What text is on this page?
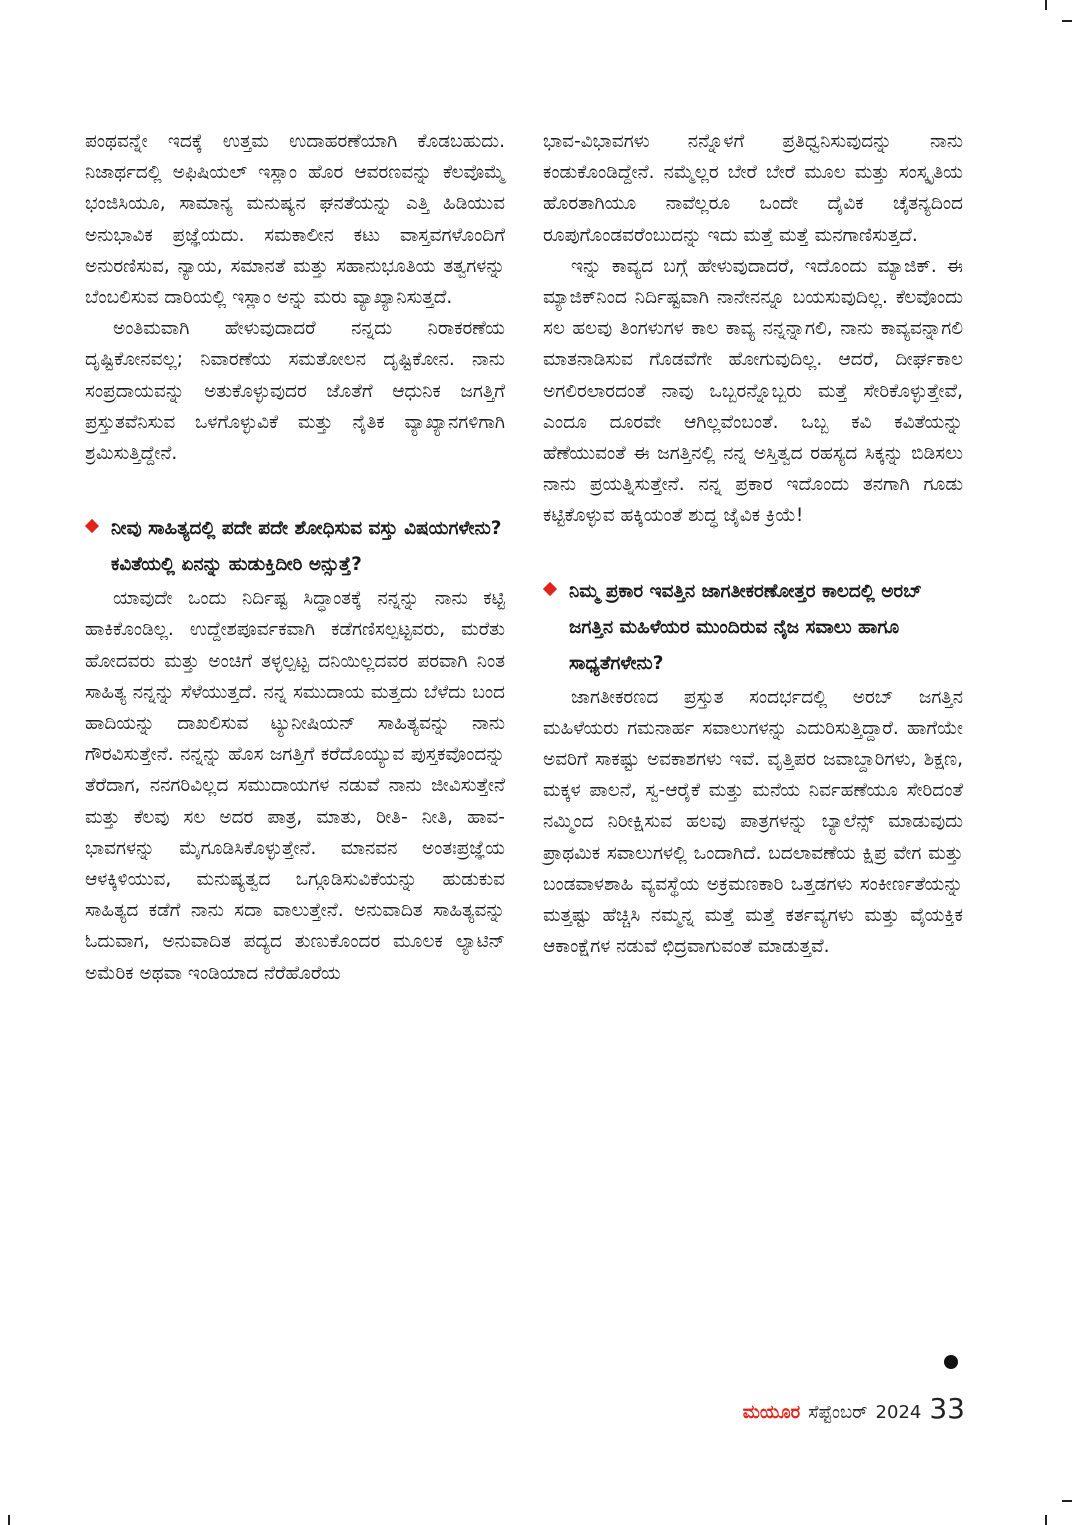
ಪಂಥವನ್ನೇ ಇದಕ್ಕೆ ಉತ್ತಮ ಉದಾಹರಣೆಯಾಗಿ ಕೊಡಬಹುದು. ನಿಜಾರ್ಥದಲ್ಲಿ ಅಫಿಷಿಯಲ್ ಇಸ್ಲಾಂ ಹೊರ ಆವರಣವನ್ನು ಕೆಲವೊಮ್ಮೆ ಭಂಜಿಸಿಯೂ, ಸಾಮಾನ್ಯ ಮನುಷ್ಯನ ಘನತೆಯನ್ನು ಎತ್ತಿ ಹಿಡಿಯುವ ಅನುಭಾವಿಕ ಪ್ರಜ್ಞೆಯದು. ಸಮಕಾಲೀನ ಕಟು ವಾಸ್ತವಗಳೊಂದಿಗೆ ಅನುರಣಿಸುವ, ನ್ಯಾಯ, ಸಮಾನತೆ ಮತ್ತು ಸಹಾನುಭೂತಿಯ ತತ್ವಗಳನ್ನು ಬೆಂಬಲಿಸುವ ದಾರಿಯಲ್ಲಿ ಇಸ್ಲಾಂ ಅನ್ನು ಮರು ವ್ಯಾಖ್ಯಾನಿಸುತ್ತದೆ.

ಅಂತಿಮವಾಗಿ ಹೇಳುವುದಾದರೆ ನನ್ನದು ನಿರಾಕರಣೆಯ ದೃಷ್ಟಿಕೋನವಲ್ಲ; ನಿವಾರಣೆಯ ಸಮತೋಲನ ದೃಷ್ಟಿಕೋನ. ನಾನು ಸಂಪ್ರದಾಯವನ್ನು ಅತುಕೊಳ್ಳುವುದರ ಜೊತೆಗೆ ಆಧುನಿಕ ಜಗತ್ತಿಗೆ ಪ್ರಸ್ತುತವೆನಿಸುವ ಒಳಗೊಳ್ಳುವಿಕೆ ಮತ್ತು ನೈತಿಕ ವ್ಯಾಖ್ಯಾನಗಳಿಗಾಗಿ ಶ್ರಮಿಸುತ್ತಿದ್ದೇನೆ.

ನೀವು ಸಾಹಿತ್ಯದಲ್ಲಿ ಪದೇ ಪದೇ ಶೋಧಿಸುವ ವಸ್ತು ವಿಷಯಗಳೇನು? ಕವಿತೆಯಲ್ಲಿ ಏನನ್ನು ಹುಡುಕ್ತಿದೀರಿ ಅನ್ಸುತ್ತೆ?

ಯಾವುದೇ ಒಂದು ನಿರ್ದಿಷ್ಟ ಸಿದ್ಧಾಂತಕ್ಕೆ ನನ್ನನ್ನು ನಾನು ಕಟ್ಟಿ ಹಾಕಿಕೊಂಡಿಲ್ಲ. ಉದ್ದೇಶಪೂರ್ವಕವಾಗಿ ಕಡೆಗಣಿಸಲ್ಪಟ್ಟವರು, ಮರೆತು ಹೋದವರು ಮತ್ತು ಅಂಚಿಗೆ ತಳ್ಳಲ್ಪಟ್ಟ ದನಿಯಿಲ್ಲದವರ ಪರವಾಗಿ ನಿಂತ ಸಾಹಿತ್ಯ ನನ್ನನ್ನು ಸೆಳೆಯುತ್ತದೆ. ನನ್ನ ಸಮುದಾಯ ಮತ್ತದು ಬೆಳೆದು ಬಂದ ಹಾದಿಯನ್ನು ದಾಖಲಿಸುವ ಟ್ಯುನೀಷಿಯನ್ ಸಾಹಿತ್ಯವನ್ನು ನಾನು ಗೌರವಿಸುತ್ತೇನೆ. ನನ್ನನ್ನು ಹೊಸ ಜಗತ್ತಿಗೆ ಕರೆದೊಯ್ಯುವ ಪುಸ್ತಕವೊಂದನ್ನು ತೆರೆದಾಗ, ನನಗರಿವಿಲ್ಲದ ಸಮುದಾಯಗಳ ನಡುವೆ ನಾನು ಜೀವಿಸುತ್ತೇನೆ ಮತ್ತು ಕೆಲವು ಸಲ ಅದರ ಪಾತ್ರ, ಮಾತು, ರೀತಿ- ನೀತಿ, ಹಾವ-ಭಾವಗಳನ್ನು ಮೈಗೂಡಿಸಿಕೊಳ್ಳುತ್ತೇನೆ. ಮಾನವನ ಅಂತಃಪ್ರಜ್ಞೆಯ ಆಳಕ್ಕಿಳಿಯುವ, ಮನುಷ್ಯತ್ವದ ಒಗ್ಗೂಡಿಸುವಿಕೆಯನ್ನು ಹುಡುಕುವ ಸಾಹಿತ್ಯದ ಕಡೆಗೆ ನಾನು ಸದಾ ವಾಲುತ್ತೇನೆ. ಅನುವಾದಿತ ಸಾಹಿತ್ಯವನ್ನು ಓದುವಾಗ, ಅನುವಾದಿತ ಪದ್ಯದ ತುಣುಕೊಂದರ ಮೂಲಕ ಲ್ಯಾಟಿನ್ ಅಮೆರಿಕ ಅಥವಾ ಇಂಡಿಯಾದ ನೆರೆಹೊರೆಯ

ಭಾವ-ವಿಭಾವಗಳು ನನ್ನೊಳಗೆ ಪ್ರತಿಧ್ವನಿಸುವುದನ್ನು ನಾನು ಕಂಡುಕೊಂಡಿದ್ದೇನೆ. ನಮ್ಮೆಲ್ಲರ ಬೇರೆ ಬೇರೆ ಮೂಲ ಮತ್ತು ಸಂಸ್ಕೃತಿಯ ಹೊರತಾಗಿಯೂ ನಾವೆಲ್ಲರೂ ಒಂದೇ ದೈವಿಕ ಚೈತನ್ಯದಿಂದ ರೂಪುಗೊಂಡವರೆಂಬುದನ್ನು ಇದು ಮತ್ತೆ ಮತ್ತೆ ಮನಗಾಣಿಸುತ್ತದೆ.

ಇನ್ನು ಕಾವ್ಯದ ಬಗ್ಗೆ ಹೇಳುವುದಾದರೆ, ಇದೊಂದು ಮ್ಯಾಜಿಕ್. ಈ ಮ್ಯಾಜಿಕ್‌ನಿಂದ ನಿರ್ದಿಷ್ಟವಾಗಿ ನಾನೇನನ್ನೂ ಬಯಸುವುದಿಲ್ಲ. ಕೆಲವೊಂದು ಸಲ ಹಲವು ತಿಂಗಳುಗಳ ಕಾಲ ಕಾವ್ಯ ನನ್ನನ್ನಾಗಲಿ, ನಾನು ಕಾವ್ಯವನ್ನಾಗಲಿ ಮಾತನಾಡಿಸುವ ಗೊಡವೆಗೇ ಹೋಗುವುದಿಲ್ಲ. ಆದರೆ, ದೀರ್ಘಕಾಲ ಅಗಲಿರಲಾರದಂತೆ ನಾವು ಒಬ್ಬರನ್ನೊಬ್ಬರು ಮತ್ತೆ ಸೇರಿಕೊಳ್ಳುತ್ತೇವೆ, ಎಂದೂ ದೂರವೇ ಆಗಿಲ್ಲವೆಂಬಂತೆ. ಒಬ್ಬ ಕವಿ ಕವಿತೆಯನ್ನು ಹೆಣೆಯುವಂತೆ ಈ ಜಗತ್ತಿನಲ್ಲಿ ನನ್ನ ಅಸ್ತಿತ್ವದ ರಹಸ್ಯದ ಸಿಕ್ಕನ್ನು ಬಿಡಿಸಲು ನಾನು ಪ್ರಯತ್ನಿಸುತ್ತೇನೆ. ನನ್ನ ಪ್ರಕಾರ ಇದೊಂದು ತನಗಾಗಿ ಗೂಡು ಕಟ್ಟಿಕೊಳ್ಳುವ ಹಕ್ಕಿಯಂತೆ ಶುದ್ಧ ಜೈವಿಕ ಕ್ರಿಯೆ!

ನಿಮ್ಮ ಪ್ರಕಾರ ಇವತ್ತಿನ ಜಾಗತೀಕರಣೋತ್ತರ ಕಾಲದಲ್ಲಿ ಅರಬ್ ಜಗತ್ತಿನ ಮಹಿಳೆಯರ ಮುಂದಿರುವ ನೈಜ ಸವಾಲು ಹಾಗೂ ಸಾಧ್ಯತೆಗಳೇನು?

ಜಾಗತೀಕರಣದ ಪ್ರಸ್ತುತ ಸಂದರ್ಭದಲ್ಲಿ ಅರಬ್ ಜಗತ್ತಿನ ಮಹಿಳೆಯರು ಗಮನಾರ್ಹ ಸವಾಲುಗಳನ್ನು ಎದುರಿಸುತ್ತಿದ್ದಾರೆ. ಹಾಗೆಯೇ ಅವರಿಗೆ ಸಾಕಷ್ಟು ಅವಕಾಶಗಳು ಇವೆ. ವೃತ್ತಿಪರ ಜವಾಬ್ದಾರಿಗಳು, ಶಿಕ್ಷಣ, ಮಕ್ಕಳ ಪಾಲನೆ, ಸ್ವ-ಆರೈಕೆ ಮತ್ತು ಮನೆಯ ನಿರ್ವಹಣೆಯೂ ಸೇರಿದಂತೆ ನಮ್ಮಿಂದ ನಿರೀಕ್ಷಿಸುವ ಹಲವು ಪಾತ್ರಗಳನ್ನು ಬ್ಯಾಲೆನ್ಸ್ ಮಾಡುವುದು ಪ್ರಾಥಮಿಕ ಸವಾಲುಗಳಲ್ಲಿ ಒಂದಾಗಿದೆ. ಬದಲಾವಣೆಯ ಕ್ಷಿಪ್ರ ವೇಗ ಮತ್ತು ಬಂಡವಾಳಶಾಹಿ ವ್ಯವಸ್ಥೆಯ ಅಕ್ರಮಣಕಾರಿ ಒತ್ತಡಗಳು ಸಂಕೀರ್ಣತೆಯನ್ನು ಮತ್ತಷ್ಟು ಹೆಚ್ಚಿಸಿ ನಮ್ಮನ್ನ ಮತ್ತೆ ಮತ್ತೆ ಕರ್ತವ್ಯಗಳು ಮತ್ತು ವೈಯಕ್ತಿಕ ಆಕಾಂಕ್ಷೆಗಳ ನಡುವೆ ಛಿದ್ರವಾಗುವಂತೆ ಮಾಡುತ್ತವೆ.

ಮಯೂರ ಸೆಪ್ಟೆಂಬರ್ 2024 33
